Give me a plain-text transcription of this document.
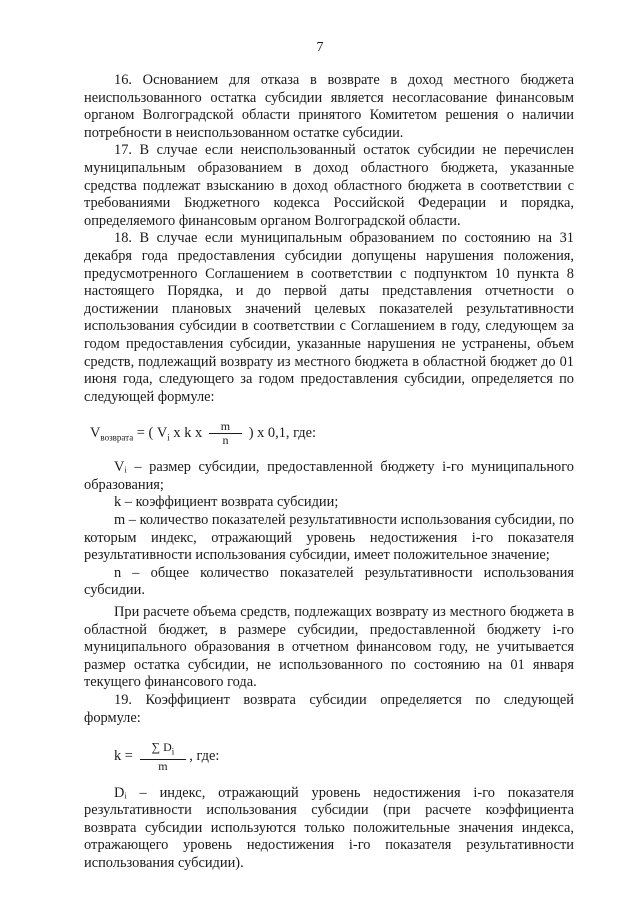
7

16. Основанием для отказа в возврате в доход местного бюджета неиспользованного остатка субсидии является несогласование финансовым органом Волгоградской области принятого Комитетом решения о наличии потребности в неиспользованном остатке субсидии.

17. В случае если неиспользованный остаток субсидии не перечислен муниципальным образованием в доход областного бюджета, указанные средства подлежат взысканию в доход областного бюджета в соответствии с требованиями Бюджетного кодекса Российской Федерации и порядка, определяемого финансовым органом Волгоградской области.

18. В случае если муниципальным образованием по состоянию на 31 декабря года предоставления субсидии допущены нарушения положения, предусмотренного Соглашением в соответствии с подпунктом 10 пункта 8 настоящего Порядка, и до первой даты представления отчетности о достижении плановых значений целевых показателей результативности использования субсидии в соответствии с Соглашением в году, следующем за годом предоставления субсидии, указанные нарушения не устранены, объем средств, подлежащий возврату из местного бюджета в областной бюджет до 01 июня года, следующего за годом предоставления субсидии, определяется по следующей формуле:

$V_{возврата}$ = ( $V_i$ x k x $\frac{m}{n}$ ) x 0,1, где:

Vᵢ – размер субсидии, предоставленной бюджету i-го муниципального образования;

k – коэффициент возврата субсидии;

m – количество показателей результативности использования субсидии, по которым индекс, отражающий уровень недостижения i-го показателя результативности использования субсидии, имеет положительное значение;

n – общее количество показателей результативности использования субсидии.

При расчете объема средств, подлежащих возврату из местного бюджета в областной бюджет, в размере субсидии, предоставленной бюджету i-го муниципального образования в отчетном финансовом году, не учитывается размер остатка субсидии, не использованного по состоянию на 01 января текущего финансового года.

19. Коэффициент возврата субсидии определяется по следующей формуле:

$k = \frac{\sum D_i}{m}$ , где:

Dᵢ – индекс, отражающий уровень недостижения i-го показателя результативности использования субсидии (при расчете коэффициента возврата субсидии используются только положительные значения индекса, отражающего уровень недостижения i-го показателя результативности использования субсидии).
